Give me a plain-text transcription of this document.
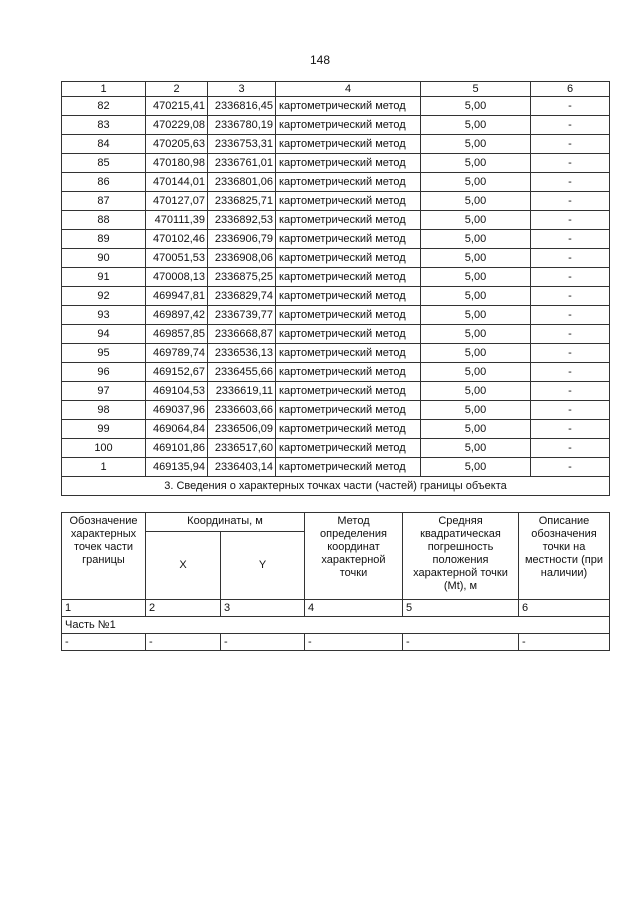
148
1	2	3	4	5	6
82	470215,41	2336816,45	картометрический метод	5,00	-
83	470229,08	2336780,19	картометрический метод	5,00	-
84	470205,63	2336753,31	картометрический метод	5,00	-
85	470180,98	2336761,01	картометрический метод	5,00	-
86	470144,01	2336801,06	картометрический метод	5,00	-
87	470127,07	2336825,71	картометрический метод	5,00	-
88	470111,39	2336892,53	картометрический метод	5,00	-
89	470102,46	2336906,79	картометрический метод	5,00	-
90	470051,53	2336908,06	картометрический метод	5,00	-
91	470008,13	2336875,25	картометрический метод	5,00	-
92	469947,81	2336829,74	картометрический метод	5,00	-
93	469897,42	2336739,77	картометрический метод	5,00	-
94	469857,85	2336668,87	картометрический метод	5,00	-
95	469789,74	2336536,13	картометрический метод	5,00	-
96	469152,67	2336455,66	картометрический метод	5,00	-
97	469104,53	2336619,11	картометрический метод	5,00	-
98	469037,96	2336603,66	картометрический метод	5,00	-
99	469064,84	2336506,09	картометрический метод	5,00	-
100	469101,86	2336517,60	картометрический метод	5,00	-
1	469135,94	2336403,14	картометрический метод	5,00	-
3. Сведения о характерных точках части (частей) границы объекта					
Обозначение характерных точек части границы	Координаты, м		Метод определения координат характерной точки	Средняя квадратическая погрешность положения характерной точки (Mt), м	Описание обозначения точки на местности (при наличии)
	X	Y			
1	2	3	4	5	6
Часть №1					
-	-	-	-	-	-
